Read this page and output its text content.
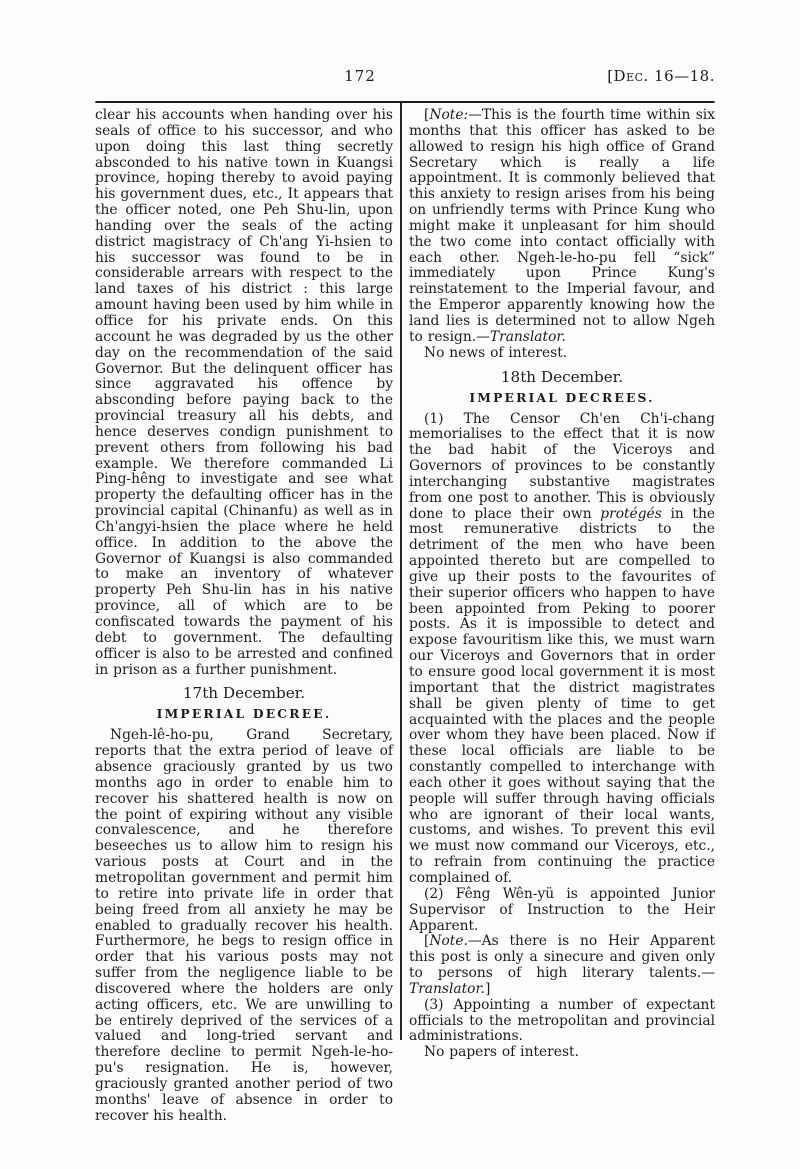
172	[Dec. 16—18.

clear his accounts when handing over his seals of office to his successor, and who upon doing this last thing secretly absconded to his native town in Kuangsi province, hoping thereby to avoid paying his government dues, etc., It appears that the officer noted, one Peh Shu-lin, upon handing over the seals of the acting district magistracy of Ch'ang Yi-hsien to his successor was found to be in considerable arrears with respect to the land taxes of his district : this large amount having been used by him while in office for his private ends. On this account he was degraded by us the other day on the recommendation of the said Governor. But the delinquent officer has since aggravated his offence by absconding before paying back to the provincial treasury all his debts, and hence deserves condign punishment to prevent others from following his bad example. We therefore commanded Li Ping-hêng to investigate and see what property the defaulting officer has in the provincial capital (Chinanfu) as well as in Ch'angyi-hsien the place where he held office. In addition to the above the Governor of Kuangsi is also commanded to make an inventory of whatever property Peh Shu-lin has in his native province, all of which are to be confiscated towards the payment of his debt to government. The defaulting officer is also to be arrested and confined in prison as a further punishment.

17th December.
IMPERIAL DECREE.

Ngeh-lê-ho-pu, Grand Secretary, reports that the extra period of leave of absence graciously granted by us two months ago in order to enable him to recover his shattered health is now on the point of expiring without any visible convalescence, and he therefore beseeches us to allow him to resign his various posts at Court and in the metropolitan government and permit him to retire into private life in order that being freed from all anxiety he may be enabled to gradually recover his health. Furthermore, he begs to resign office in order that his various posts may not suffer from the negligence liable to be discovered where the holders are only acting officers, etc. We are unwilling to be entirely deprived of the services of a valued and long-tried servant and therefore decline to permit Ngeh-le-ho-pu's resignation. He is, however, graciously granted another period of two months' leave of absence in order to recover his health.

[Note:—This is the fourth time within six months that this officer has asked to be allowed to resign his high office of Grand Secretary which is really a life appointment. It is commonly believed that this anxiety to resign arises from his being on unfriendly terms with Prince Kung who might make it unpleasant for him should the two come into contact officially with each other. Ngeh-le-ho-pu fell “sick” immediately upon Prince Kung's reinstatement to the Imperial favour, and the Emperor apparently knowing how the land lies is determined not to allow Ngeh to resign.—Translator.

No news of interest.

18th December.
IMPERIAL DECREES.

(1) The Censor Ch'en Ch'i-chang memorialises to the effect that it is now the bad habit of the Viceroys and Governors of provinces to be constantly interchanging substantive magistrates from one post to another. This is obviously done to place their own protégés in the most remunerative districts to the detriment of the men who have been appointed thereto but are compelled to give up their posts to the favourites of their superior officers who happen to have been appointed from Peking to poorer posts. As it is impossible to detect and expose favouritism like this, we must warn our Viceroys and Governors that in order to ensure good local government it is most important that the district magistrates shall be given plenty of time to get acquainted with the places and the people over whom they have been placed. Now if these local officials are liable to be constantly compelled to interchange with each other it goes without saying that the people will suffer through having officials who are ignorant of their local wants, customs, and wishes. To prevent this evil we must now command our Viceroys, etc., to refrain from continuing the practice complained of.

(2) Fêng Wên-yü is appointed Junior Supervisor of Instruction to the Heir Apparent.

[Note.—As there is no Heir Apparent this post is only a sinecure and given only to persons of high literary talents.— Translator.]

(3) Appointing a number of expectant officials to the metropolitan and provincial administrations.

No papers of interest.
